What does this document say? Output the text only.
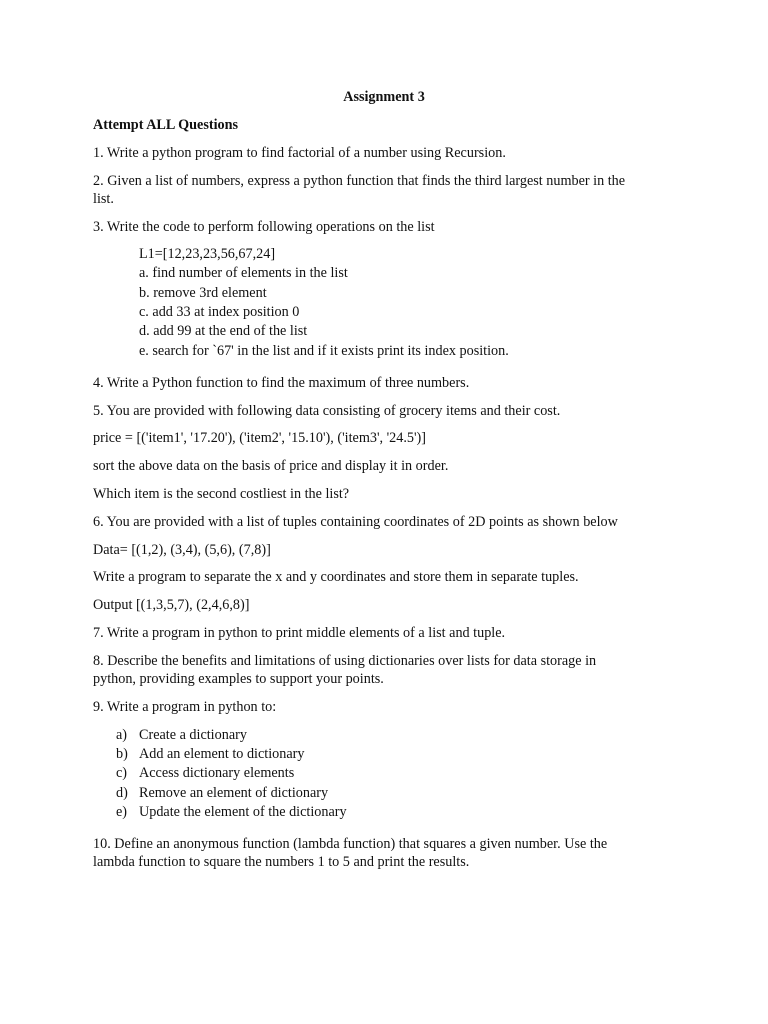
Assignment 3
Attempt ALL Questions
1. Write a python program to find factorial of a number using Recursion.
2. Given a list of numbers, express a python function that finds the third largest number in the
list.
3. Write the code to perform following operations on the list
L1=[12,23,23,56,67,24]
a. find number of elements in the list
b. remove 3rd element
c. add 33 at index position 0
d. add 99 at the end of the list
e. search for `67' in the list and if it exists print its index position.
4. Write a Python function to find the maximum of three numbers.
5. You are provided with following data consisting of grocery items and their cost.
price = [('item1', '17.20'), ('item2', '15.10'), ('item3', '24.5')]
sort the above data on the basis of price and display it in order.
Which item is the second costliest in the list?
6. You are provided with a list of tuples containing coordinates of 2D points as shown below
Data= [(1,2), (3,4), (5,6), (7,8)]
Write a program to separate the x and y coordinates and store them in separate tuples.
Output [(1,3,5,7), (2,4,6,8)]
7. Write a program in python to print middle elements of a list and tuple.
8. Describe the benefits and limitations of using dictionaries over lists for data storage in
python, providing examples to support your points.
9. Write a program in python to:
a) Create a dictionary
b) Add an element to dictionary
c) Access dictionary elements
d) Remove an element of dictionary
e) Update the element of the dictionary
10. Define an anonymous function (lambda function) that squares a given number. Use the
lambda function to square the numbers 1 to 5 and print the results.
